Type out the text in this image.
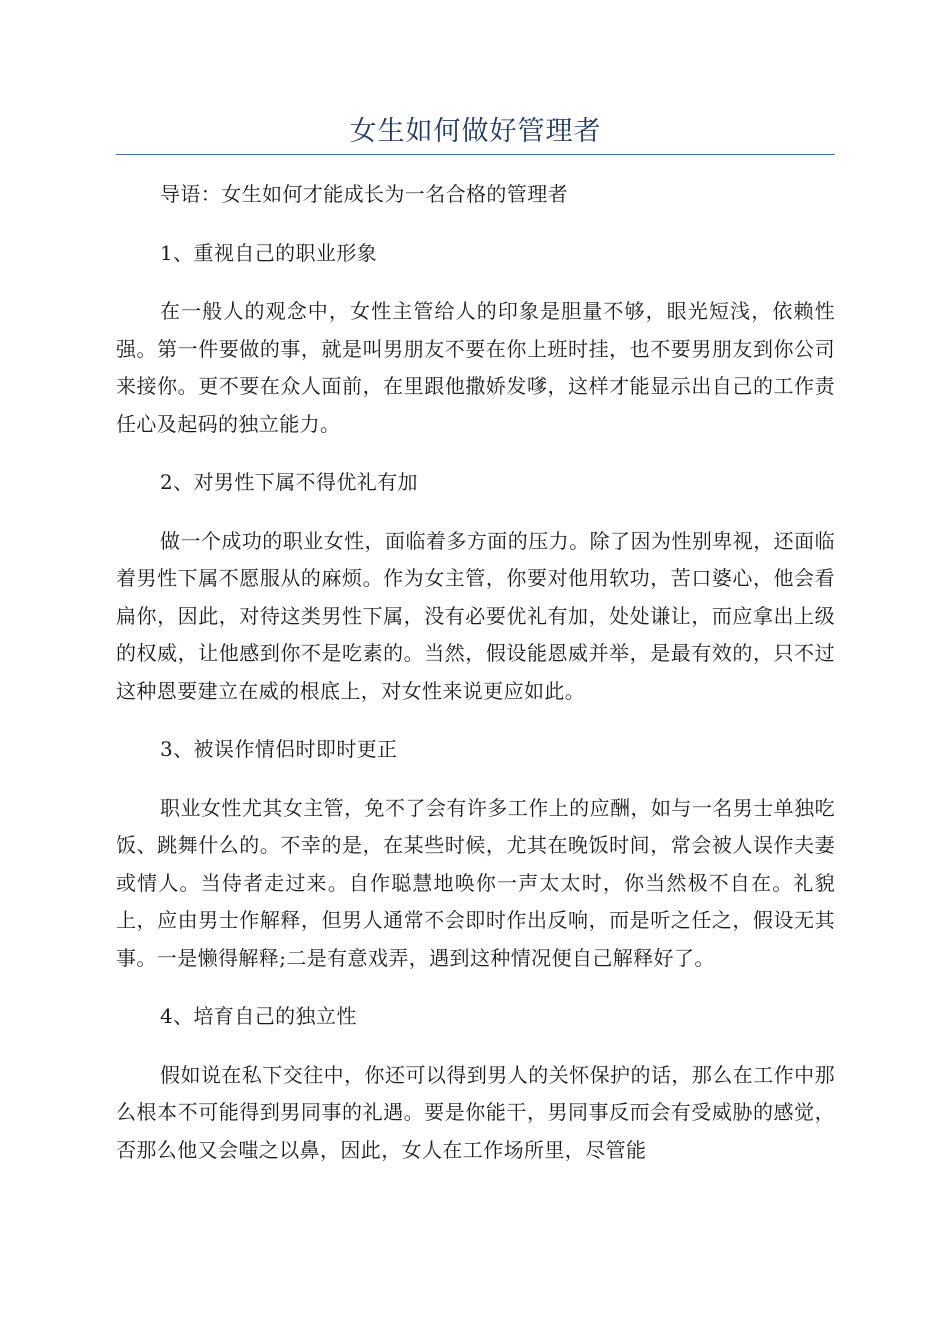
女生如何做好管理者

导语：女生如何才能成长为一名合格的管理者

1、重视自己的职业形象

在一般人的观念中，女性主管给人的印象是胆量不够，眼光短浅，依赖性强。第一件要做的事，就是叫男朋友不要在你上班时挂，也不要男朋友到你公司来接你。更不要在众人面前，在里跟他撒娇发嗲，这样才能显示出自己的工作责任心及起码的独立能力。

2、对男性下属不得优礼有加

做一个成功的职业女性，面临着多方面的压力。除了因为性别卑视，还面临着男性下属不愿服从的麻烦。作为女主管，你要对他用软功，苦口婆心，他会看扁你，因此，对待这类男性下属，没有必要优礼有加，处处谦让，而应拿出上级的权威，让他感到你不是吃素的。当然，假设能恩威并举，是最有效的，只不过这种恩要建立在威的根底上，对女性来说更应如此。

3、被误作情侣时即时更正

职业女性尤其女主管，免不了会有许多工作上的应酬，如与一名男士单独吃饭、跳舞什么的。不幸的是，在某些时候，尤其在晚饭时间，常会被人误作夫妻或情人。当侍者走过来。自作聪慧地唤你一声太太时，你当然极不自在。礼貌上，应由男士作解释，但男人通常不会即时作出反响，而是听之任之，假设无其事。一是懒得解释;二是有意戏弄，遇到这种情况便自己解释好了。

4、培育自己的独立性

假如说在私下交往中，你还可以得到男人的关怀保护的话，那么在工作中那么根本不可能得到男同事的礼遇。要是你能干，男同事反而会有受威胁的感觉，否那么他又会嗤之以鼻，因此，女人在工作场所里，尽管能
